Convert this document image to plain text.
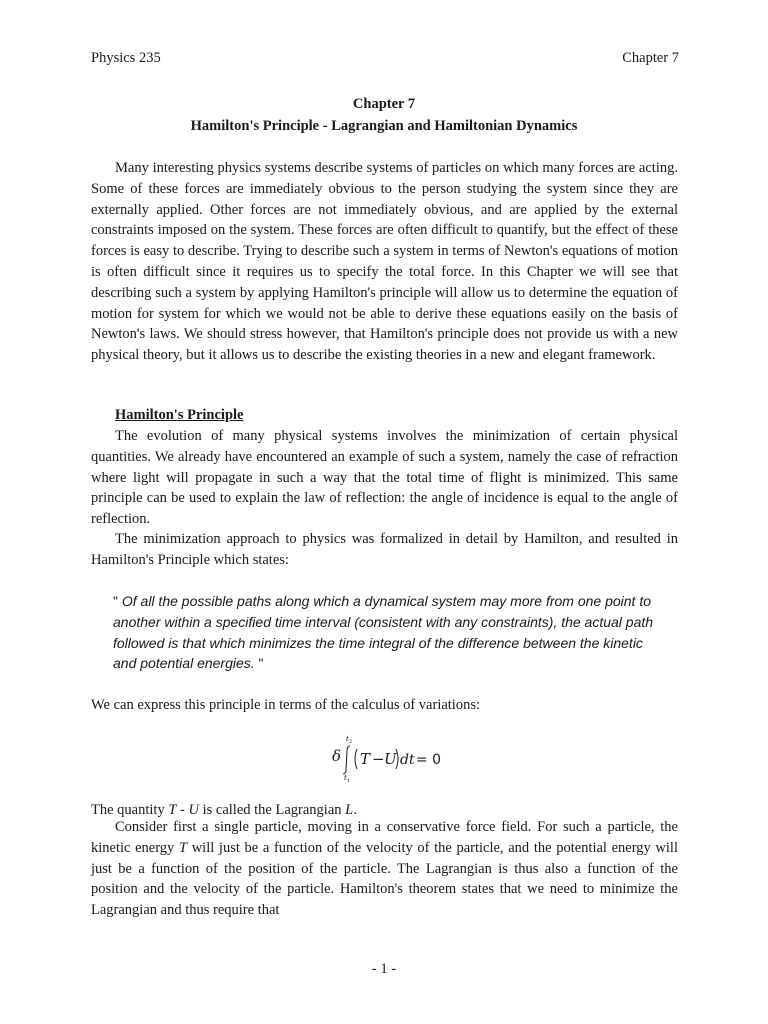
Physics 235	Chapter 7
Chapter 7
Hamilton's Principle - Lagrangian and Hamiltonian Dynamics
Many interesting physics systems describe systems of particles on which many forces are acting. Some of these forces are immediately obvious to the person studying the system since they are externally applied. Other forces are not immediately obvious, and are applied by the external constraints imposed on the system. These forces are often difficult to quantify, but the effect of these forces is easy to describe. Trying to describe such a system in terms of Newton's equations of motion is often difficult since it requires us to specify the total force. In this Chapter we will see that describing such a system by applying Hamilton's principle will allow us to determine the equation of motion for system for which we would not be able to derive these equations easily on the basis of Newton's laws. We should stress however, that Hamilton's principle does not provide us with a new physical theory, but it allows us to describe the existing theories in a new and elegant framework.
Hamilton's Principle
The evolution of many physical systems involves the minimization of certain physical quantities. We already have encountered an example of such a system, namely the case of refraction where light will propagate in such a way that the total time of flight is minimized. This same principle can be used to explain the law of reflection: the angle of incidence is equal to the angle of reflection.
The minimization approach to physics was formalized in detail by Hamilton, and resulted in Hamilton's Principle which states:
" Of all the possible paths along which a dynamical system may more from one point to another within a specified time interval (consistent with any constraints), the actual path followed is that which minimizes the time integral of the difference between the kinetic and potential energies. "
We can express this principle in terms of the calculus of variations:
δ
t 2
t 1
T − U dt = 0
The quantity T - U is called the Lagrangian L.
Consider first a single particle, moving in a conservative force field. For such a particle, the kinetic energy T will just be a function of the velocity of the particle, and the potential energy will just be a function of the position of the particle. The Lagrangian is thus also a function of the position and the velocity of the particle. Hamilton's theorem states that we need to minimize the Lagrangian and thus require that
- 1 -
